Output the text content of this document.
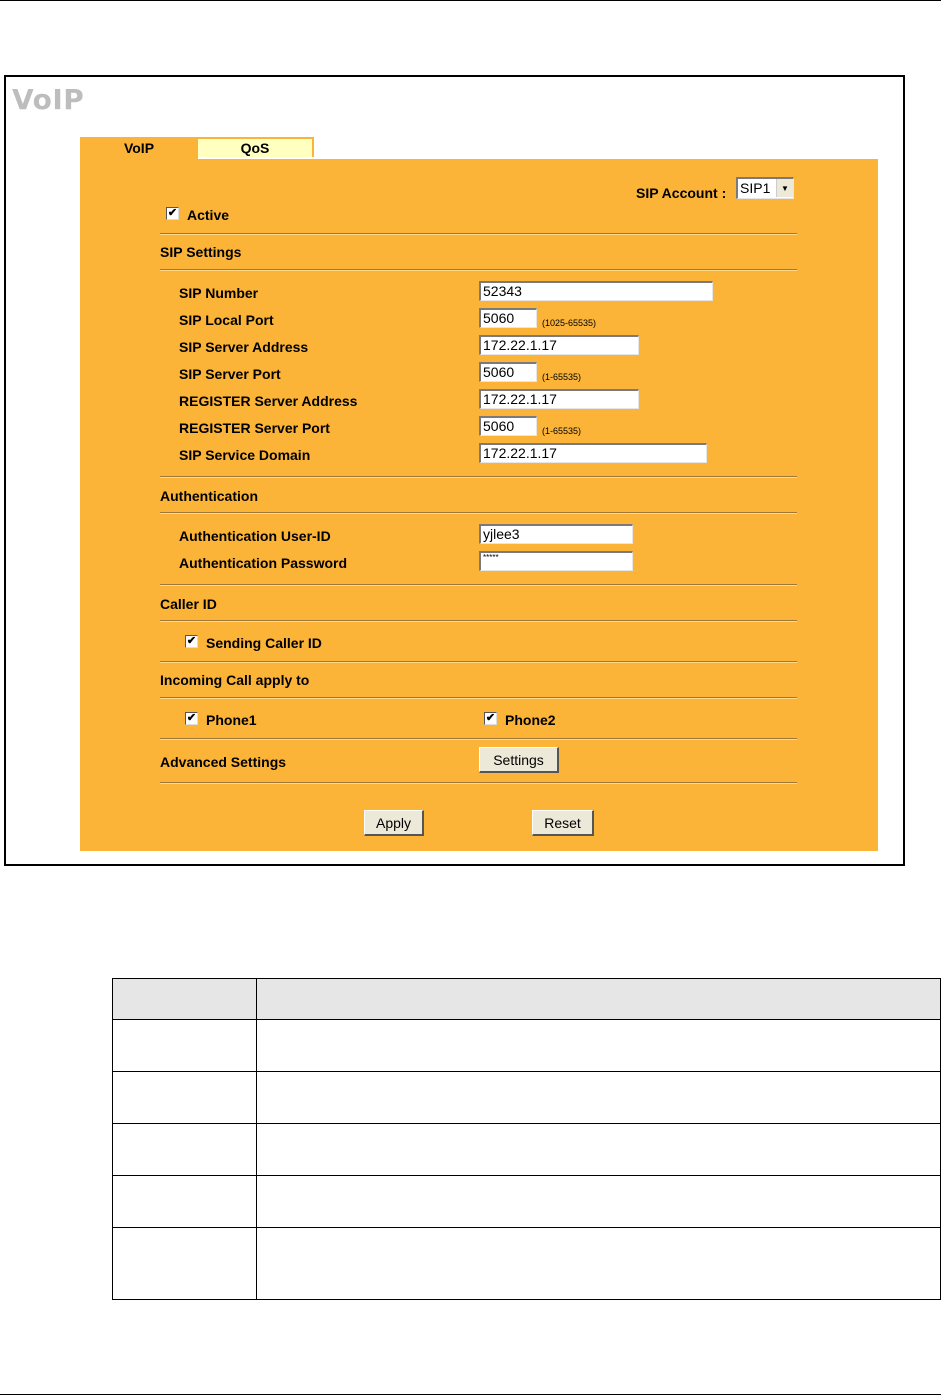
VoIP
VoIP	QoS
SIP Account : SIP1	▼
✔ Active
SIP Settings
SIP Number	52343
SIP Local Port	5060	(1025-65535)
SIP Server Address	172.22.1.17
SIP Server Port	5060	(1-65535)
REGISTER Server Address	172.22.1.17
REGISTER Server Port	5060	(1-65535)
SIP Service Domain	172.22.1.17
Authentication
Authentication User-ID	yjlee3
Authentication Password	*****
Caller ID
✔ Sending Caller ID
Incoming Call apply to
✔ Phone1	✔ Phone2
Advanced Settings	Settings
Apply	Reset
